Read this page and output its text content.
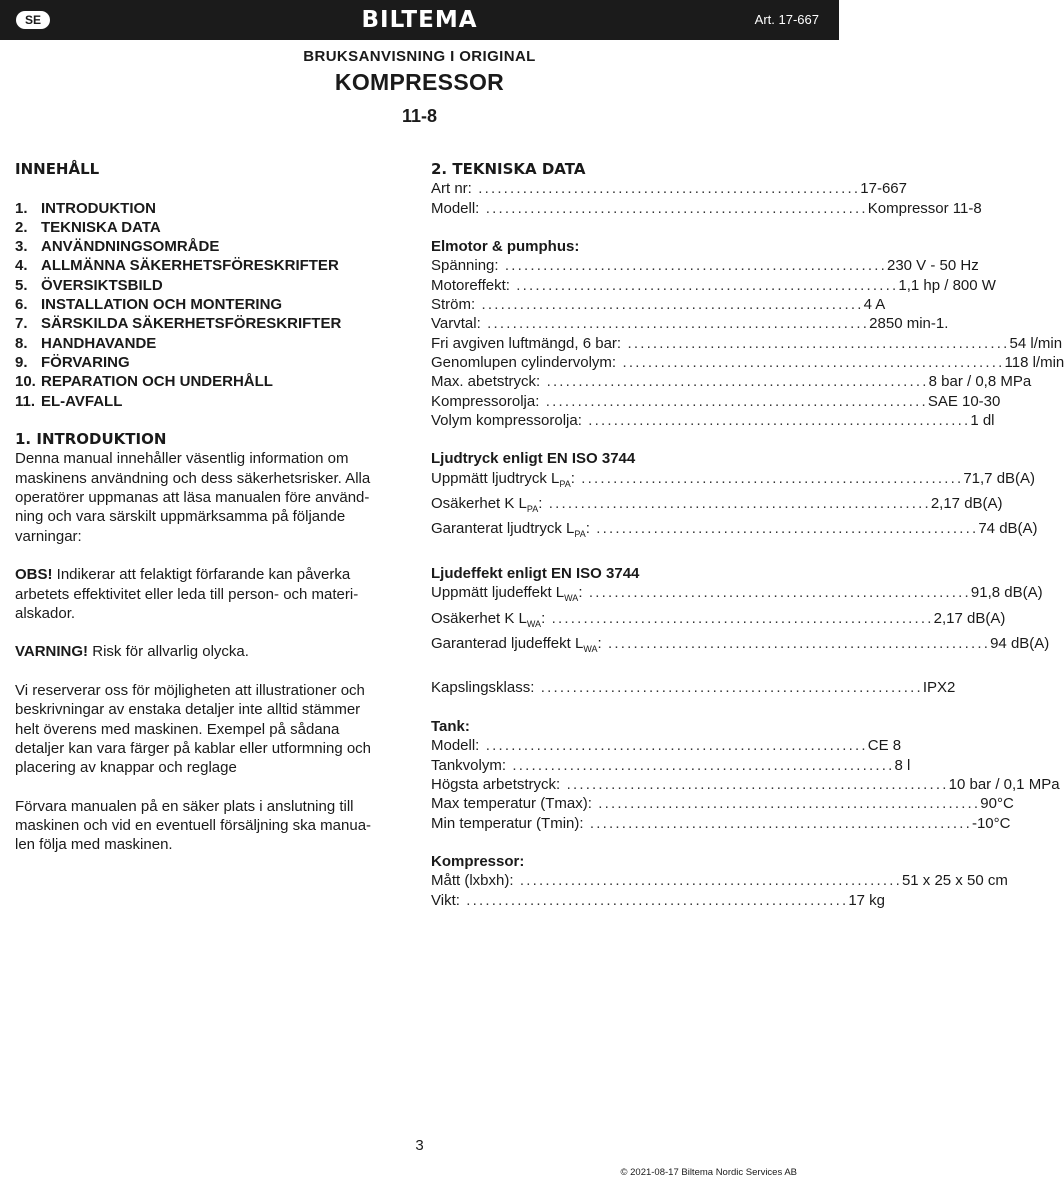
SE	BILTEMA	Art. 17-667
BRUKSANVISNING I ORIGINAL
KOMPRESSOR
11-8
INNEHÅLL
1. INTRODUKTION
2. TEKNISKA DATA
3. ANVÄNDNINGSOMRÅDE
4. ALLMÄNNA SÄKERHETSFÖRESKRIFTER
5. ÖVERSIKTSBILD
6. INSTALLATION OCH MONTERING
7. SÄRSKILDA SÄKERHETSFÖRESKRIFTER
8. HANDHAVANDE
9. FÖRVARING
10. REPARATION OCH UNDERHÅLL
11. EL-AVFALL
1. INTRODUKTION
Denna manual innehåller väsentlig information om
maskinens användning och dess säkerhetsrisker. Alla
operatörer uppmanas att läsa manualen före använd-
ning och vara särskilt uppmärksamma på följande
varningar:
OBS! Indikerar att felaktigt förfarande kan påverka
arbetets effektivitet eller leda till person- och materi-
alskador.
VARNING! Risk för allvarlig olycka.
Vi reserverar oss för möjligheten att illustrationer och
beskrivningar av enstaka detaljer inte alltid stämmer
helt överens med maskinen. Exempel på sådana
detaljer kan vara färger på kablar eller utformning och
placering av knappar och reglage
Förvara manualen på en säker plats i anslutning till
maskinen och vid en eventuell försäljning ska manua-
len följa med maskinen.
2. TEKNISKA DATA
Art nr: ............................................................ 17-667
Modell: ............................................................ Kompressor 11-8
Elmotor & pumphus:
Spänning: ............................................................ 230 V - 50 Hz
Motoreffekt: ............................................................ 1,1 hp / 800 W
Ström: ............................................................ 4 A
Varvtal: ............................................................ 2850 min-1.
Fri avgiven luftmängd, 6 bar: ............................................................ 54 l/min
Genomlupen cylindervolym: ............................................................ 118 l/min
Max. abetstryck: ............................................................ 8 bar / 0,8 MPa
Kompressorolja: ............................................................ SAE 10-30
Volym kompressorolja: ............................................................ 1 dl
Ljudtryck enligt EN ISO 3744
Uppmätt ljudtryck $L_{PA}$: ............................................................ 71,7 dB(A)
Osäkerhet K $L_{PA}$: ............................................................ 2,17 dB(A)
Garanterat ljudtryck $L_{PA}$: ............................................................ 74 dB(A)
Ljudeffekt enligt EN ISO 3744
Uppmätt ljudeffekt $L_{WA}$: ............................................................ 91,8 dB(A)
Osäkerhet K $L_{WA}$: ............................................................ 2,17 dB(A)
Garanterad ljudeffekt $L_{WA}$: ............................................................ 94 dB(A)
Kapslingsklass: ............................................................ IPX2
Tank:
Modell: ............................................................ CE 8
Tankvolym: ............................................................ 8 l
Högsta arbetstryck: ............................................................ 10 bar / 0,1 MPa
Max temperatur (Tmax): ............................................................ 90°C
Min temperatur (Tmin): ............................................................ -10°C
Kompressor:
Mått (lxbxh): ............................................................ 51 x 25 x 50 cm
Vikt: ............................................................ 17 kg
3
© 2021-08-17 Biltema Nordic Services AB
